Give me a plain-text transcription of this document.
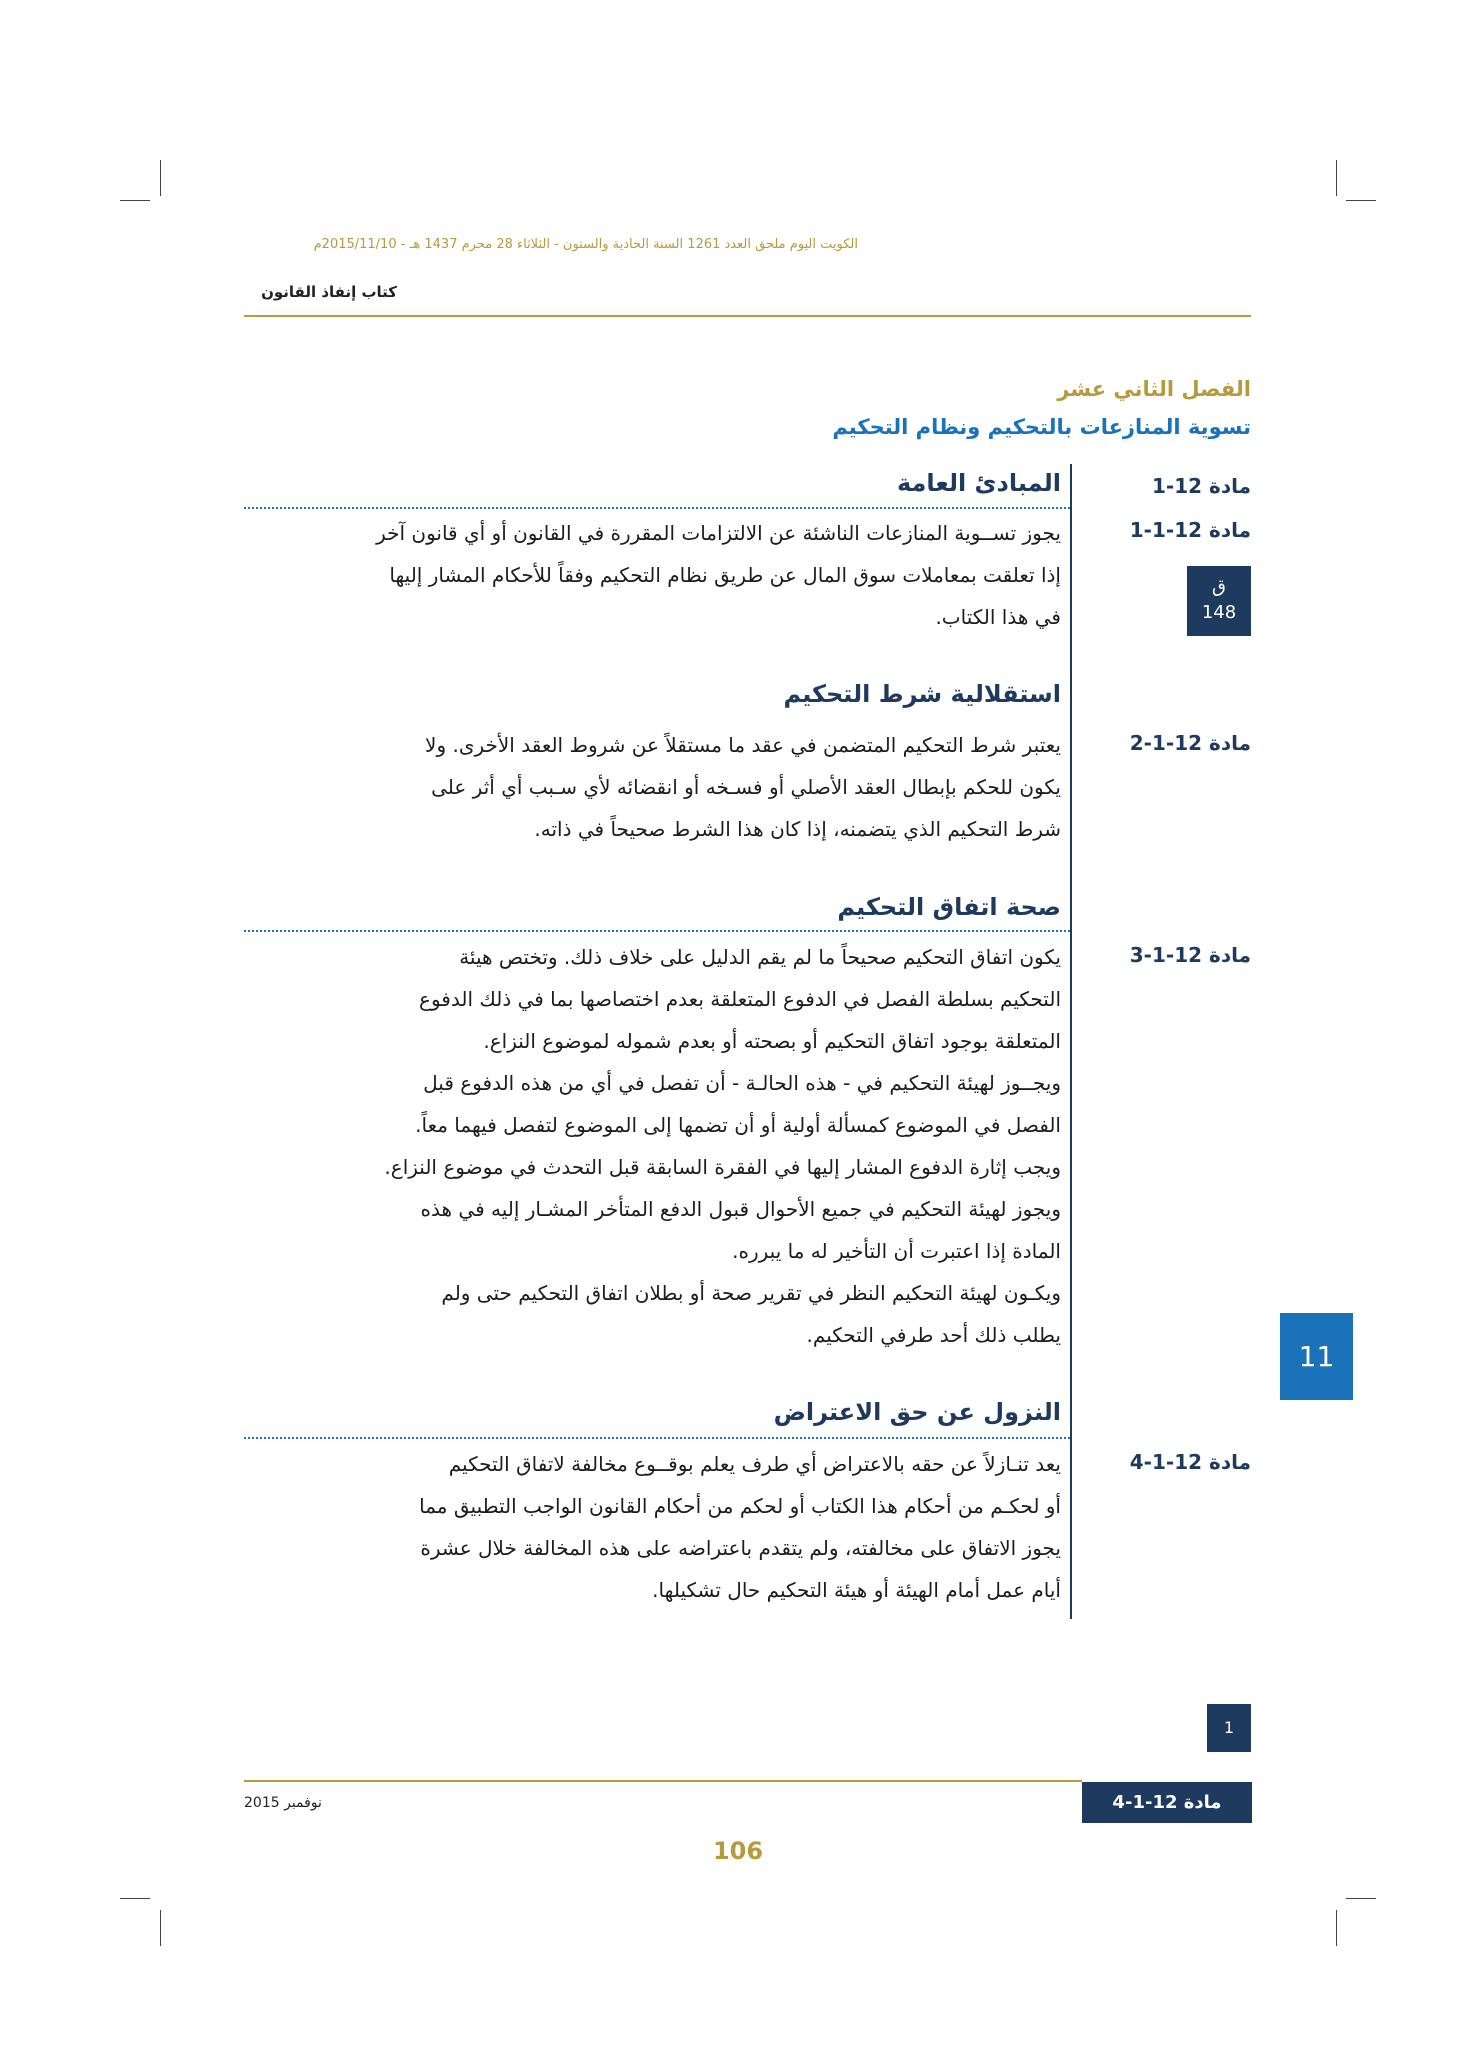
الكويت اليوم ملحق العدد 1261 السنة الحادية والستون - الثلاثاء 28 محرم 1437 هـ - 2015/11/10م
كتاب إنفاذ القانون
الفصل الثاني عشر
تسوية المنازعات بالتحكيم ونظام التحكيم
مادة 12-1
المبادئ العامة
مادة 12-1-1
يجوز تســوية المنازعات الناشئة عن الالتزامات المقررة في القانون أو أي قانون آخر
إذا تعلقت بمعاملات سوق المال عن طريق نظام التحكيم وفقاً للأحكام المشار إليها
في هذا الكتاب.
ق
148
استقلالية شرط التحكيم
مادة 12-1-2
يعتبر شرط التحكيم المتضمن في عقد ما مستقلاً عن شروط العقد الأخرى. ولا
يكون للحكم بإبطال العقد الأصلي أو فسـخه أو انقضائه لأي سـبب أي أثر على
شرط التحكيم الذي يتضمنه، إذا كان هذا الشرط صحيحاً في ذاته.
صحة اتفاق التحكيم
مادة 12-1-3
يكون اتفاق التحكيم صحيحاً ما لم يقم الدليل على خلاف ذلك. وتختص هيئة
التحكيم بسلطة الفصل في الدفوع المتعلقة بعدم اختصاصها بما في ذلك الدفوع
المتعلقة بوجود اتفاق التحكيم أو بصحته أو بعدم شموله لموضوع النزاع.
ويجــوز لهيئة التحكيم في - هذه الحالـة - أن تفصل في أي من هذه الدفوع قبل
الفصل في الموضوع كمسألة أولية أو أن تضمها إلى الموضوع لتفصل فيهما معاً.
ويجب إثارة الدفوع المشار إليها في الفقرة السابقة قبل التحدث في موضوع النزاع.
ويجوز لهيئة التحكيم في جميع الأحوال قبول الدفع المتأخر المشـار إليه في هذه
المادة إذا اعتبرت أن التأخير له ما يبرره.
ويكـون لهيئة التحكيم النظر في تقرير صحة أو بطلان اتفاق التحكيم حتى ولم
يطلب ذلك أحد طرفي التحكيم.
النزول عن حق الاعتراض
مادة 12-1-4
يعد تنـازلاً عن حقه بالاعتراض أي طرف يعلم بوقــوع مخالفة لاتفاق التحكيم
أو لحكـم من أحكام هذا الكتاب أو لحكم من أحكام القانون الواجب التطبيق مما
يجوز الاتفاق على مخالفته، ولم يتقدم باعتراضه على هذه المخالفة خلال عشرة
أيام عمل أمام الهيئة أو هيئة التحكيم حال تشكيلها.
11
1
نوفمبر 2015	مادة 12-1-4
106
